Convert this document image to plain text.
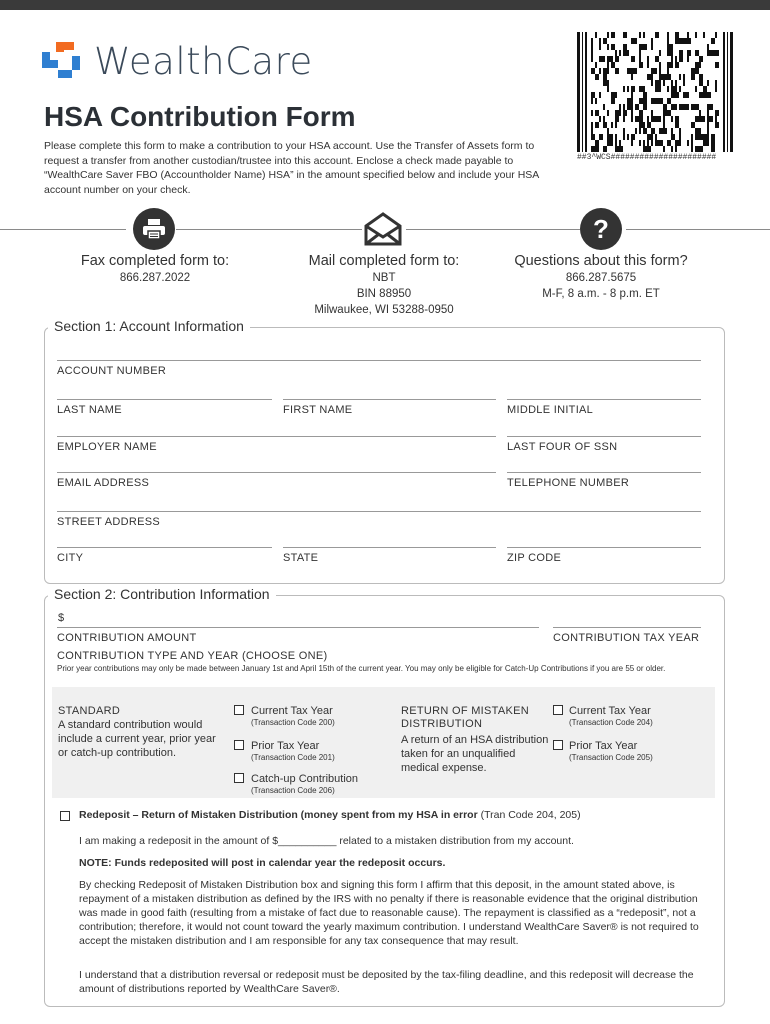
WealthCare
##3^WCS######################
HSA Contribution Form
Please complete this form to make a contribution to your HSA account. Use the Transfer of Assets form to request a transfer from another custodian/trustee into this account. Enclose a check made payable to “WealthCare Saver FBO (Accountholder Name) HSA” in the amount specified below and include your HSA account number on your check.
?
Fax completed form to:
866.287.2022
Mail completed form to:
NBT
BIN 88950
Milwaukee, WI 53288-0950
Questions about this form?
866.287.5675
M-F, 8 a.m. - 8 p.m. ET
Section 1: Account Information
ACCOUNT NUMBER
LAST NAME	FIRST NAME	MIDDLE INITIAL
EMPLOYER NAME	LAST FOUR OF SSN
EMAIL ADDRESS	TELEPHONE NUMBER
STREET ADDRESS
CITY	STATE	ZIP CODE
Section 2: Contribution Information
$
CONTRIBUTION AMOUNT	CONTRIBUTION TAX YEAR
CONTRIBUTION TYPE AND YEAR (CHOOSE ONE)
Prior year contributions may only be made between January 1st and April 15th of the current year. You may only be eligible for Catch-Up Contributions if you are 55 or older.
STANDARD
A standard contribution would include a current year, prior year or catch-up contribution.
Current Tax Year
(Transaction Code 200)
Prior Tax Year
(Transaction Code 201)
Catch-up Contribution
(Transaction Code 206)
RETURN OF MISTAKEN DISTRIBUTION
A return of an HSA distribution taken for an unqualified medical expense.
Current Tax Year
(Transaction Code 204)
Prior Tax Year
(Transaction Code 205)
Redeposit – Return of Mistaken Distribution (money spent from my HSA in error (Tran Code 204, 205)
I am making a redeposit in the amount of $__________ related to a mistaken distribution from my account.
NOTE: Funds redeposited will post in calendar year the redeposit occurs.
By checking Redeposit of Mistaken Distribution box and signing this form I affirm that this deposit, in the amount stated above, is repayment of a mistaken distribution as defined by the IRS with no penalty if there is reasonable evidence that the original distribution was made in good faith (resulting from a mistake of fact due to reasonable cause). The repayment is classified as a “redeposit”, not a contribution; therefore, it would not count toward the yearly maximum contribution. I understand WealthCare Saver® is not required to accept the mistaken distribution and I am responsible for any tax consequence that may result.
I understand that a distribution reversal or redeposit must be deposited by the tax-filing deadline, and this redeposit will decrease the amount of distributions reported by WealthCare Saver®.
